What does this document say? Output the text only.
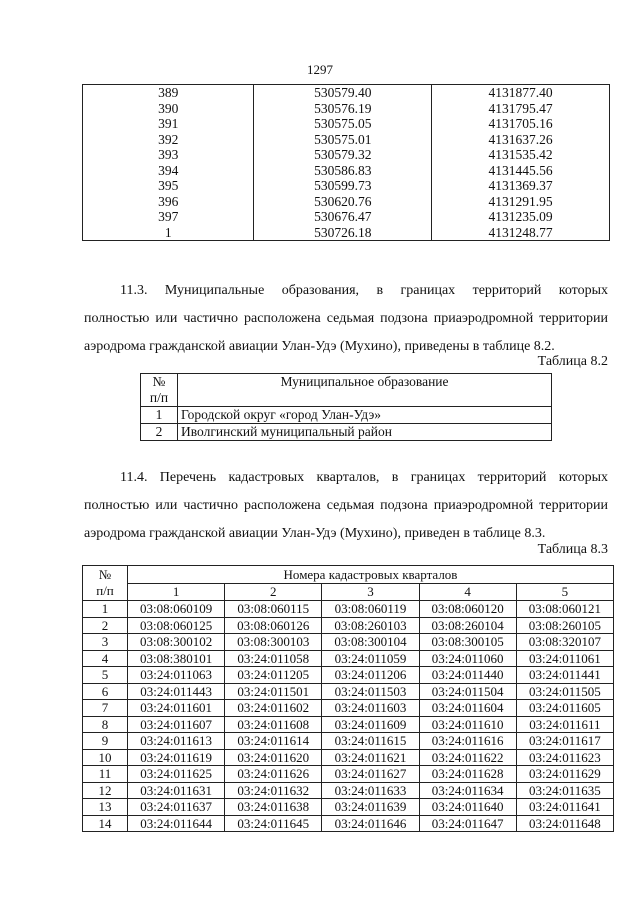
1297
389	530579.40	4131877.40
390	530576.19	4131795.47
391	530575.05	4131705.16
392	530575.01	4131637.26
393	530579.32	4131535.42
394	530586.83	4131445.56
395	530599.73	4131369.37
396	530620.76	4131291.95
397	530676.47	4131235.09
1	530726.18	4131248.77
11.3. Муниципальные образования, в границах территорий которых
полностью или частично расположена седьмая подзона приаэродромной территории
аэродрома гражданской авиации Улан-Удэ (Мухино), приведены в таблице 8.2.
Таблица 8.2
№
п/п	Муниципальное образование
1	Городской округ «город Улан-Удэ»
2	Иволгинский муниципальный район
11.4. Перечень кадастровых кварталов, в границах территорий которых
полностью или частично расположена седьмая подзона приаэродромной территории
аэродрома гражданской авиации Улан-Удэ (Мухино), приведен в таблице 8.3.
Таблица 8.3
№
п/п	Номера кадастровых кварталов				
	1	2	3	4	5
1	03:08:060109	03:08:060115	03:08:060119	03:08:060120	03:08:060121
2	03:08:060125	03:08:060126	03:08:260103	03:08:260104	03:08:260105
3	03:08:300102	03:08:300103	03:08:300104	03:08:300105	03:08:320107
4	03:08:380101	03:24:011058	03:24:011059	03:24:011060	03:24:011061
5	03:24:011063	03:24:011205	03:24:011206	03:24:011440	03:24:011441
6	03:24:011443	03:24:011501	03:24:011503	03:24:011504	03:24:011505
7	03:24:011601	03:24:011602	03:24:011603	03:24:011604	03:24:011605
8	03:24:011607	03:24:011608	03:24:011609	03:24:011610	03:24:011611
9	03:24:011613	03:24:011614	03:24:011615	03:24:011616	03:24:011617
10	03:24:011619	03:24:011620	03:24:011621	03:24:011622	03:24:011623
11	03:24:011625	03:24:011626	03:24:011627	03:24:011628	03:24:011629
12	03:24:011631	03:24:011632	03:24:011633	03:24:011634	03:24:011635
13	03:24:011637	03:24:011638	03:24:011639	03:24:011640	03:24:011641
14	03:24:011644	03:24:011645	03:24:011646	03:24:011647	03:24:011648
